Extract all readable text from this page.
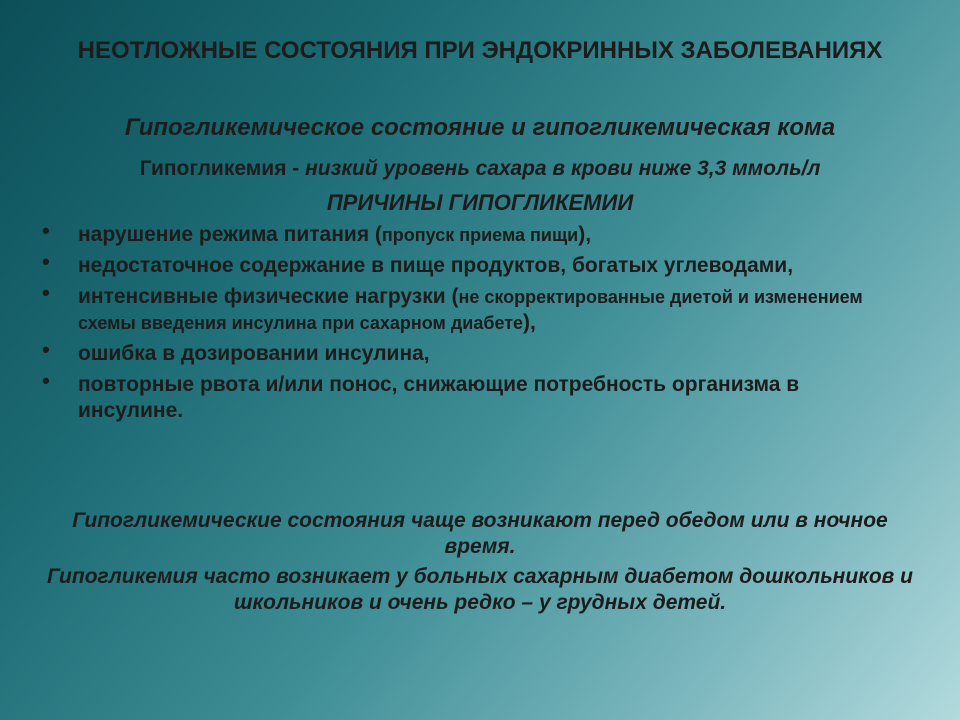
НЕОТЛОЖНЫЕ СОСТОЯНИЯ ПРИ ЭНДОКРИННЫХ ЗАБОЛЕВАНИЯХ
Гипогликемическое состояние и гипогликемическая кома

Гипогликемия - низкий уровень сахара в крови ниже 3,3 ммоль/л

ПРИЧИНЫ ГИПОГЛИКЕМИИ
• нарушение режима питания (пропуск приема пищи),
• недостаточное содержание в пище продуктов, богатых углеводами,
• интенсивные физические нагрузки (не скорректированные диетой и изменением схемы введения инсулина при сахарном диабете),
• ошибка в дозировании инсулина,
• повторные рвота и/или понос, снижающие потребность организма в инсулине.

Гипогликемические состояния чаще возникают перед обедом или в ночное время.

Гипогликемия часто возникает у больных сахарным диабетом дошкольников и школьников и очень редко – у грудных детей.
